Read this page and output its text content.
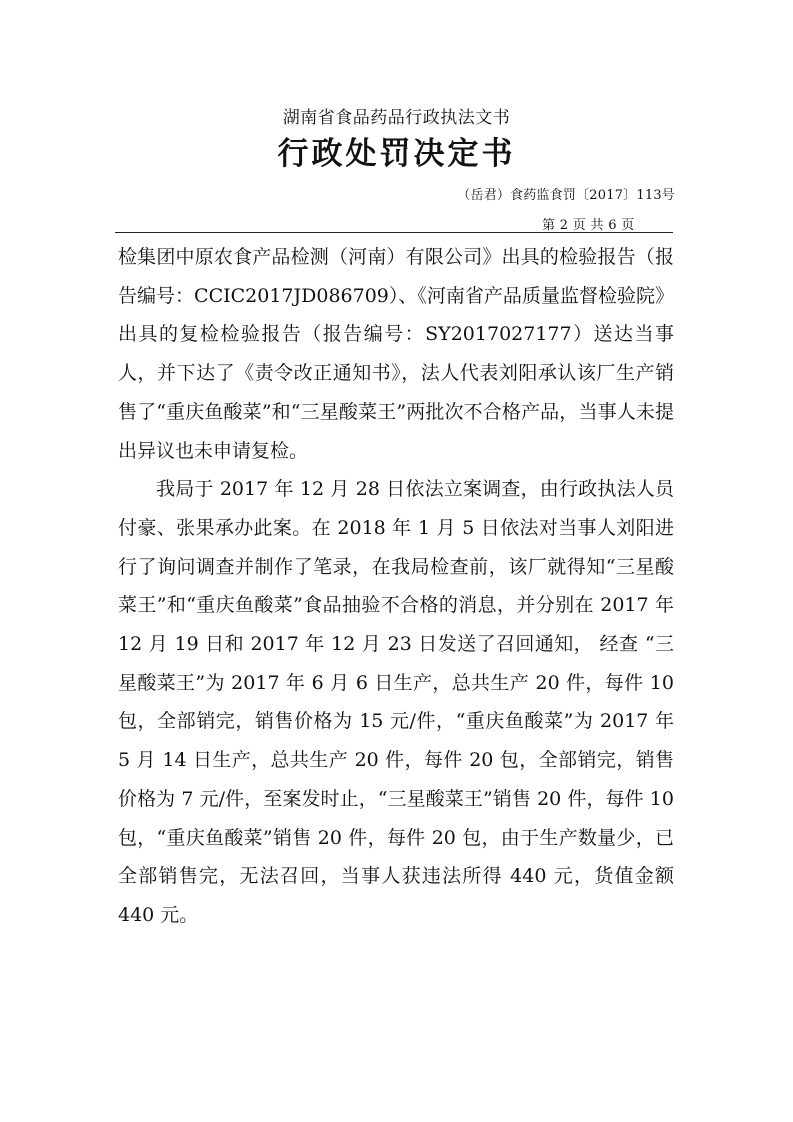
湖南省食品药品行政执法文书
行政处罚决定书
（岳君）食药监食罚〔2017〕113号
第 2 页 共 6 页

检集团中原农食产品检测（河南）有限公司》出具的检验报告（报告编号：CCIC2017JD086709）、《河南省产品质量监督检验院》出具的复检检验报告（报告编号：SY2017027177）送达当事人，并下达了《责令改正通知书》，法人代表刘阳承认该厂生产销售了“重庆鱼酸菜”和“三星酸菜王”两批次不合格产品，当事人未提出异议也未申请复检。

我局于 2017 年 12 月 28 日依法立案调查，由行政执法人员付豪、张果承办此案。在 2018 年 1 月 5 日依法对当事人刘阳进行了询问调查并制作了笔录，在我局检查前，该厂就得知“三星酸菜王”和“重庆鱼酸菜”食品抽验不合格的消息，并分别在 2017 年 12 月 19 日和 2017 年 12 月 23 日发送了召回通知， 经查 “三星酸菜王”为 2017 年 6 月 6 日生产，总共生产 20 件，每件 10 包，全部销完，销售价格为 15 元/件，“重庆鱼酸菜”为 2017 年 5 月 14 日生产，总共生产 20 件，每件 20 包，全部销完，销售价格为 7 元/件，至案发时止，“三星酸菜王”销售 20 件，每件 10 包，“重庆鱼酸菜”销售 20 件，每件 20 包，由于生产数量少，已全部销售完，无法召回，当事人获违法所得 440 元，货值金额 440 元。
